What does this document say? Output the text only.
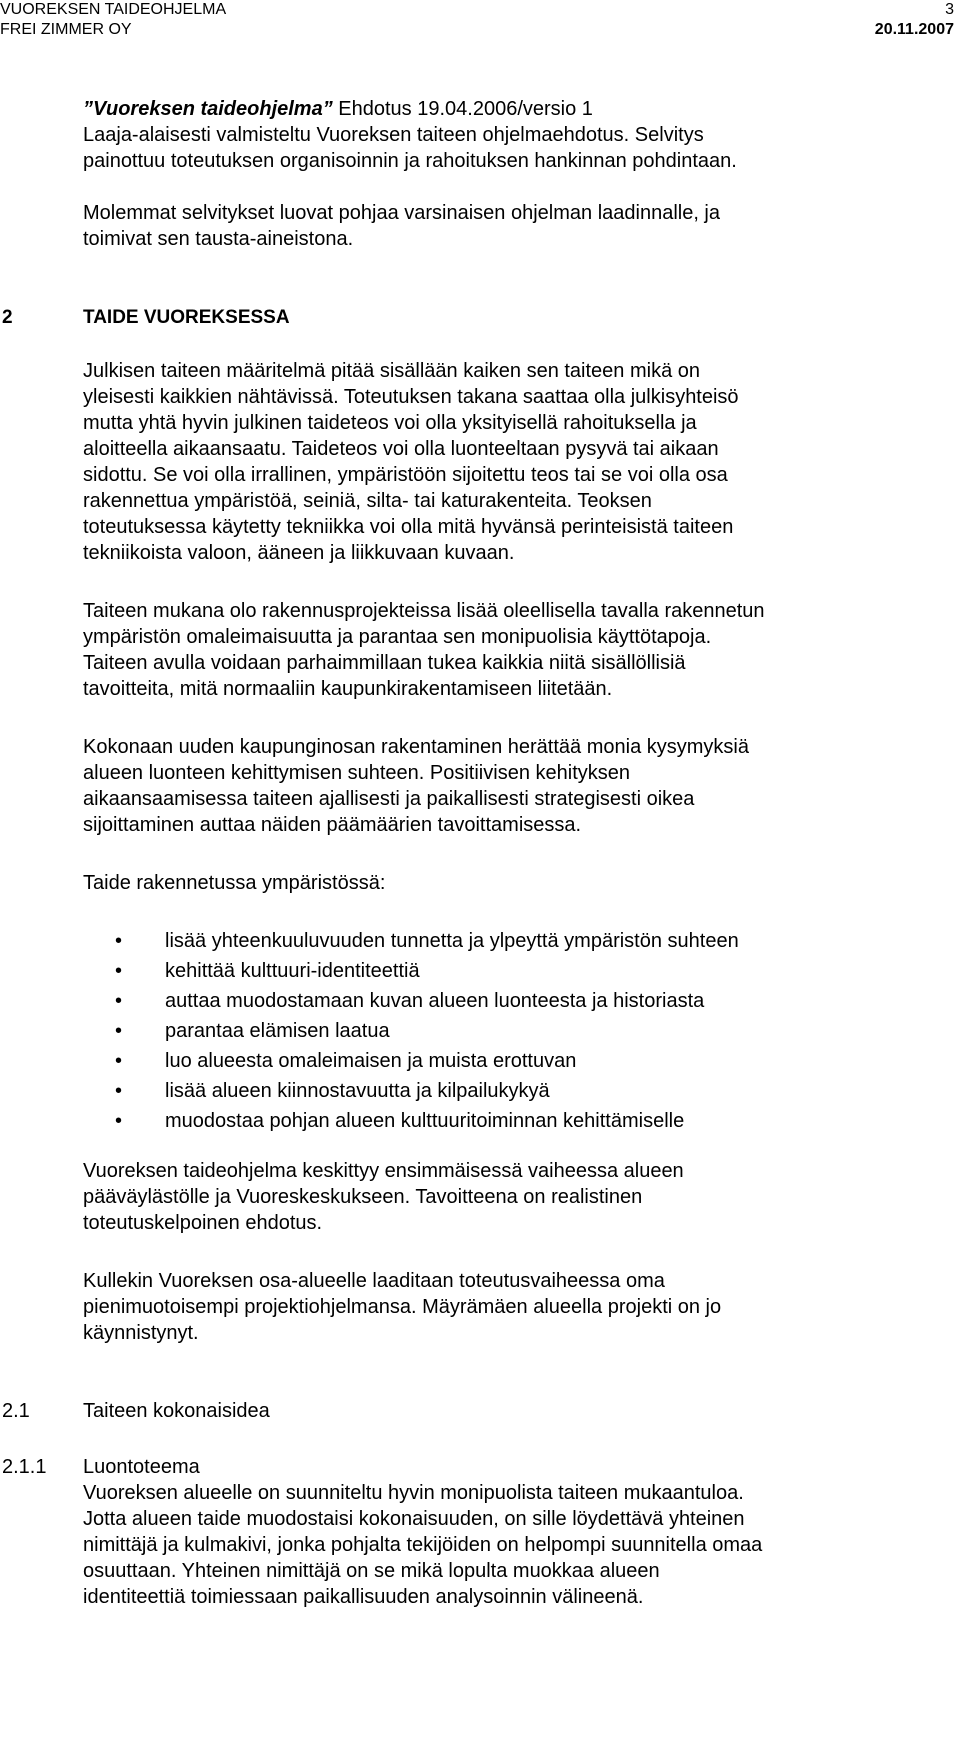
VUOREKSEN TAIDEOHJELMA
FREI ZIMMER OY
3
20.11.2007
”Vuoreksen taideohjelma” Ehdotus 19.04.2006/versio 1
Laaja-alaisesti valmisteltu Vuoreksen taiteen ohjelmaehdotus. Selvitys
painottuu toteutuksen organisoinnin ja rahoituksen hankinnan pohdintaan.
Molemmat selvitykset luovat pohjaa varsinaisen ohjelman laadinnalle, ja
toimivat sen tausta-aineistona.
2	TAIDE VUOREKSESSA
Julkisen taiteen määritelmä pitää sisällään kaiken sen taiteen mikä on
yleisesti kaikkien nähtävissä. Toteutuksen takana saattaa olla julkisyhteisö
mutta yhtä hyvin julkinen taideteos voi olla yksityisellä rahoituksella ja
aloitteella aikaansaatu. Taideteos voi olla luonteeltaan pysyvä tai aikaan
sidottu. Se voi olla irrallinen, ympäristöön sijoitettu teos tai se voi olla osa
rakennettua ympäristöä, seiniä, silta- tai katurakenteita. Teoksen
toteutuksessa käytetty tekniikka voi olla mitä hyvänsä perinteisistä taiteen
tekniikoista valoon, ääneen ja liikkuvaan kuvaan.
Taiteen mukana olo rakennusprojekteissa lisää oleellisella tavalla rakennetun
ympäristön omaleimaisuutta ja parantaa sen monipuolisia käyttötapoja.
Taiteen avulla voidaan parhaimmillaan tukea kaikkia niitä sisällöllisiä
tavoitteita, mitä normaaliin kaupunkirakentamiseen liitetään.
Kokonaan uuden kaupunginosan rakentaminen herättää monia kysymyksiä
alueen luonteen kehittymisen suhteen. Positiivisen kehityksen
aikaansaamisessa taiteen ajallisesti ja paikallisesti strategisesti oikea
sijoittaminen auttaa näiden päämäärien tavoittamisessa.
Taide rakennetussa ympäristössä:
• lisää yhteenkuuluvuuden tunnetta ja ylpeyttä ympäristön suhteen
• kehittää kulttuuri-identiteettiä
• auttaa muodostamaan kuvan alueen luonteesta ja historiasta
• parantaa elämisen laatua
• luo alueesta omaleimaisen ja muista erottuvan
• lisää alueen kiinnostavuutta ja kilpailukykyä
• muodostaa pohjan alueen kulttuuritoiminnan kehittämiselle
Vuoreksen taideohjelma keskittyy ensimmäisessä vaiheessa alueen
pääväylästölle ja Vuoreskeskukseen. Tavoitteena on realistinen
toteutuskelpoinen ehdotus.
Kullekin Vuoreksen osa-alueelle laaditaan toteutusvaiheessa oma
pienimuotoisempi projektiohjelmansa. Mäyrämäen alueella projekti on jo
käynnistynyt.
2.1	Taiteen kokonaisidea
2.1.1 Luontoteema
Vuoreksen alueelle on suunniteltu hyvin monipuolista taiteen mukaantuloa.
Jotta alueen taide muodostaisi kokonaisuuden, on sille löydettävä yhteinen
nimittäjä ja kulmakivi, jonka pohjalta tekijöiden on helpompi suunnitella omaa
osuuttaan. Yhteinen nimittäjä on se mikä lopulta muokkaa alueen
identiteettiä toimiessaan paikallisuuden analysoinnin välineenä.
